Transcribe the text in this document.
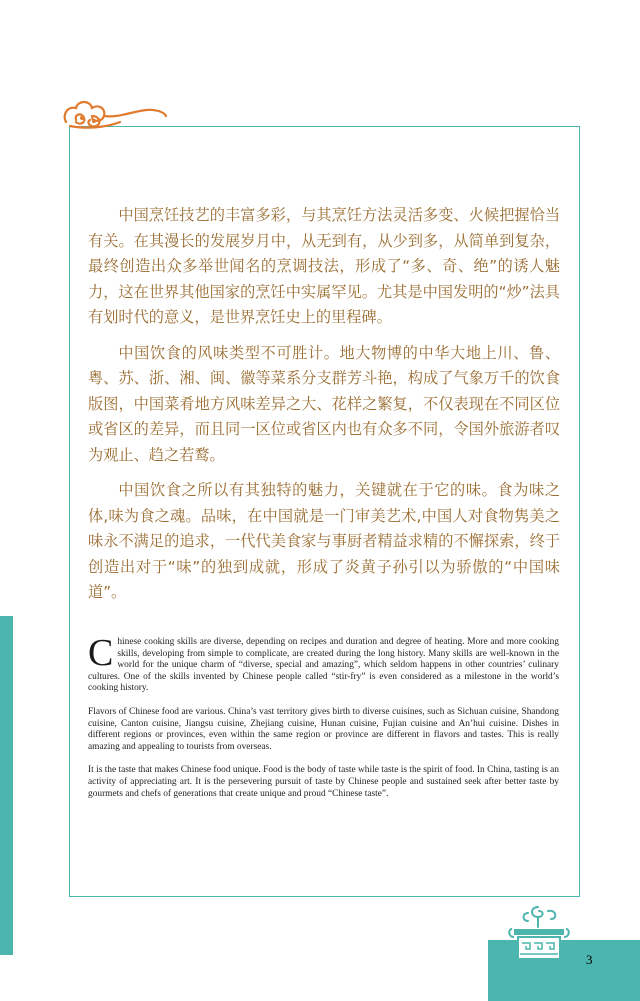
中国烹饪技艺的丰富多彩，与其烹饪方法灵活多变、火候把握恰当有关。在其漫长的发展岁月中，从无到有，从少到多，从简单到复杂，最终创造出众多举世闻名的烹调技法，形成了“多、奇、绝”的诱人魅力，这在世界其他国家的烹饪中实属罕见。尤其是中国发明的“炒”法具有划时代的意义，是世界烹饪史上的里程碑。

中国饮食的风味类型不可胜计。地大物博的中华大地上川、鲁、粤、苏、浙、湘、闽、徽等菜系分支群芳斗艳，构成了气象万千的饮食版图，中国菜肴地方风味差异之大、花样之繁复，不仅表现在不同区位或省区的差异，而且同一区位或省区内也有众多不同，令国外旅游者叹为观止、趋之若鹜。

中国饮食之所以有其独特的魅力，关键就在于它的味。食为味之体,味为食之魂。品味，在中国就是一门审美艺术,中国人对食物隽美之味永不满足的追求，一代代美食家与事厨者精益求精的不懈探索，终于创造出对于“味”的独到成就，形成了炎黄子孙引以为骄傲的“中国味道”。

Chinese cooking skills are diverse, depending on recipes and duration and degree of heating. More and more cooking skills, developing from simple to complicate, are created during the long history. Many skills are well-known in the world for the unique charm of “diverse, special and amazing”, which seldom happens in other countries’ culinary cultures. One of the skills invented by Chinese people called “stir-fry” is even considered as a milestone in the world’s cooking history.

Flavors of Chinese food are various. China’s vast territory gives birth to diverse cuisines, such as Sichuan cuisine, Shandong cuisine, Canton cuisine, Jiangsu cuisine, Zhejiang cuisine, Hunan cuisine, Fujian cuisine and An’hui cuisine. Dishes in different regions or provinces, even within the same region or province are different in flavors and tastes. This is really amazing and appealing to tourists from overseas.

It is the taste that makes Chinese food unique. Food is the body of taste while taste is the spirit of food. In China, tasting is an activity of appreciating art. It is the persevering pursuit of taste by Chinese people and sustained seek after better taste by gourmets and chefs of generations that create unique and proud “Chinese taste”.

3
